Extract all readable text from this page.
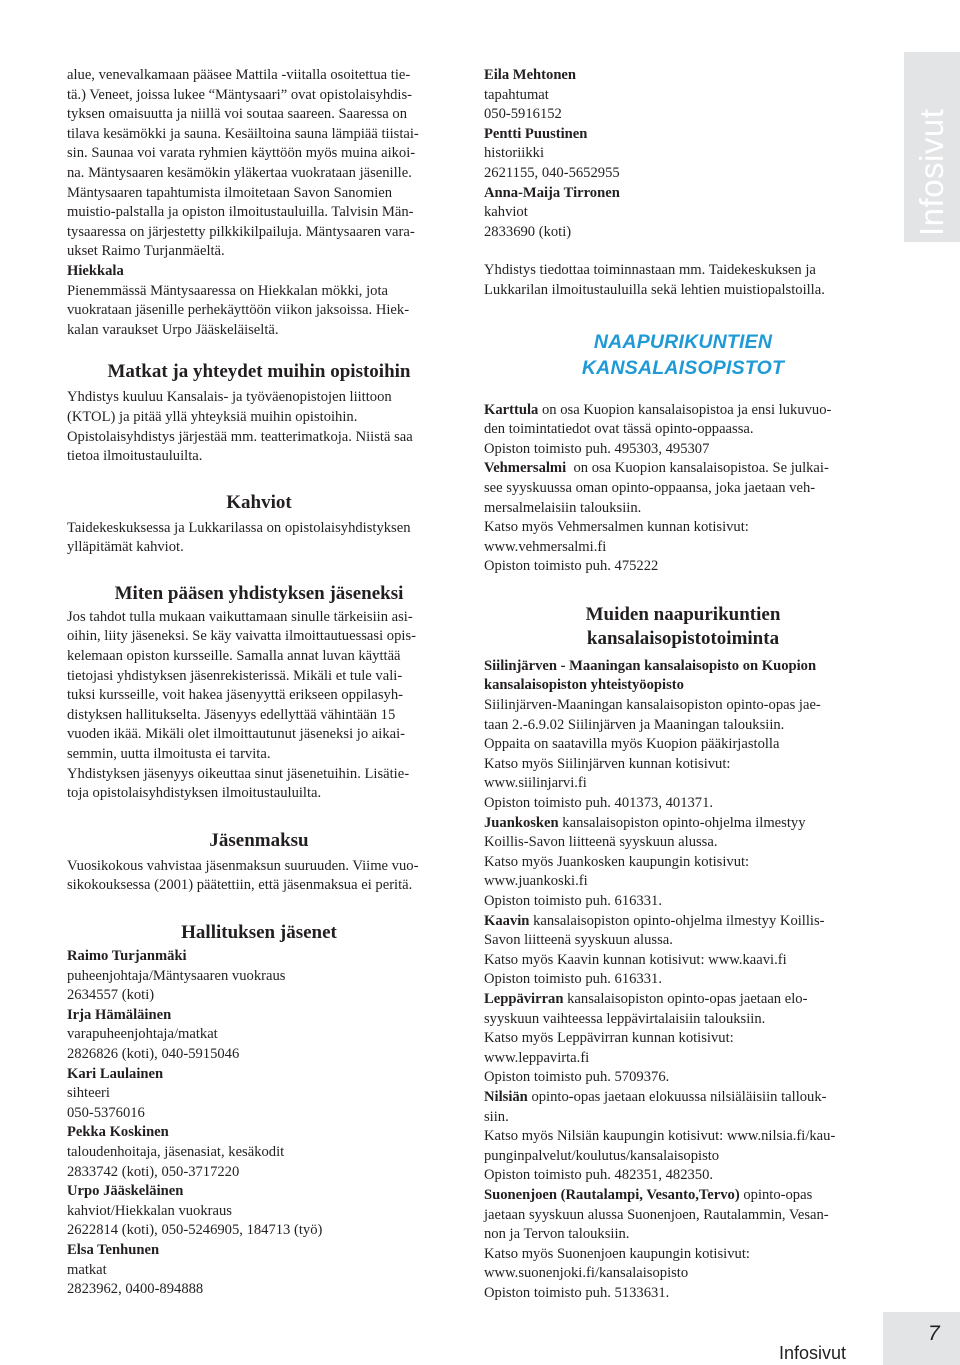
Infosivut

alue, venevalkamaan pääsee Mattila -viitalla osoitettua tie-

tä.) Veneet, joissa lukee “Mäntysaari” ovat opistolaisyhdis-

tyksen omaisuutta ja niillä voi soutaa saareen. Saaressa on

tilava kesämökki ja sauna. Kesäiltoina sauna lämpiää tiistai-

sin. Saunaa voi varata ryhmien käyttöön myös muina aikoi-

na. Mäntysaaren kesämökin yläkertaa vuokrataan jäsenille.

Mäntysaaren tapahtumista ilmoitetaan Savon Sanomien

muistio-palstalla ja opiston ilmoitustauluilla. Talvisin Män-

tysaaressa on järjestetty pilkkikilpailuja. Mäntysaaren vara-

ukset Raimo Turjanmäeltä.

Hiekkala

Pienemmässä Mäntysaaressa on Hiekkalan mökki, jota

vuokrataan jäsenille perhekäyttöön viikon jaksoissa. Hiek-

kalan varaukset Urpo Jääskeläiseltä.

Matkat ja yhteydet muihin opistoihin

Yhdistys kuuluu Kansalais- ja työväenopistojen liittoon

(KTOL) ja pitää yllä yhteyksiä muihin opistoihin.

Opistolaisyhdistys järjestää mm. teatterimatkoja. Niistä saa

tietoa ilmoitustauluilta.

Kahviot

Taidekeskuksessa ja Lukkarilassa on opistolaisyhdistyksen

ylläpitämät kahviot.

Miten pääsen yhdistyksen jäseneksi

Jos tahdot tulla mukaan vaikuttamaan sinulle tärkeisiin asi-

oihin, liity jäseneksi. Se käy vaivatta ilmoittautuessasi opis-

kelemaan opiston kursseille. Samalla annat luvan käyttää

tietojasi yhdistyksen jäsenrekisterissä. Mikäli et tule vali-

tuksi kursseille, voit hakea jäsenyyttä erikseen oppilasyh-

distyksen hallitukselta. Jäsenyys edellyttää vähintään 15

vuoden ikää. Mikäli olet ilmoittautunut jäseneksi jo aikai-

semmin, uutta ilmoitusta ei tarvita.

Yhdistyksen jäsenyys oikeuttaa sinut jäsenetuihin. Lisätie-

toja opistolaisyhdistyksen ilmoitustauluilta.

Jäsenmaksu

Vuosikokous vahvistaa jäsenmaksun suuruuden. Viime vuo-

sikokouksessa (2001) päätettiin, että jäsenmaksua ei peritä.

Hallituksen jäsenet

Raimo Turjanmäki

puheenjohtaja/Mäntysaaren vuokraus

2634557 (koti)

Irja Hämäläinen

varapuheenjohtaja/matkat

2826826 (koti), 040-5915046

Kari Laulainen

sihteeri

050-5376016

Pekka Koskinen

taloudenhoitaja, jäsenasiat, kesäkodit

2833742 (koti), 050-3717220

Urpo Jääskeläinen

kahviot/Hiekkalan vuokraus

2622814 (koti), 050-5246905, 184713 (työ)

Elsa Tenhunen

matkat

2823962, 0400-894888

Eila Mehtonen

tapahtumat

050-5916152

Pentti Puustinen

historiikki

2621155, 040-5652955

Anna-Maija Tirronen

kahviot

2833690 (koti)

Yhdistys tiedottaa toiminnastaan mm. Taidekeskuksen ja

Lukkarilan ilmoitustauluilla sekä lehtien muistiopalstoilla.

NAAPURIKUNTIEN
KANSALAISOPISTOT

Karttula on osa Kuopion kansalaisopistoa ja ensi lukuvuo-

den toimintatiedot ovat tässä opinto-oppaassa.

Opiston toimisto puh. 495303, 495307

Vehmersalmi  on osa Kuopion kansalaisopistoa. Se julkai-

see syyskuussa oman opinto-oppaansa, joka jaetaan veh-

mersalmelaisiin talouksiin.

Katso myös Vehmersalmen kunnan kotisivut:

www.vehmersalmi.fi

Opiston toimisto puh. 475222

Muiden naapurikuntien
kansalaisopistotoiminta

Siilinjärven - Maaningan kansalaisopisto on Kuopion

kansalaisopiston yhteistyöopisto

Siilinjärven-Maaningan kansalaisopiston opinto-opas jae-

taan 2.-6.9.02 Siilinjärven ja Maaningan talouksiin.

Oppaita on saatavilla myös Kuopion pääkirjastolla

Katso myös Siilinjärven kunnan kotisivut:

www.siilinjarvi.fi

Opiston toimisto puh. 401373, 401371.

Juankosken kansalaisopiston opinto-ohjelma ilmestyy

Koillis-Savon liitteenä syyskuun alussa.

Katso myös Juankosken kaupungin kotisivut:

www.juankoski.fi

Opiston toimisto puh. 616331.

Kaavin kansalaisopiston opinto-ohjelma ilmestyy Koillis-

Savon liitteenä syyskuun alussa.

Katso myös Kaavin kunnan kotisivut: www.kaavi.fi

Opiston toimisto puh. 616331.

Leppävirran kansalaisopiston opinto-opas jaetaan elo-

syyskuun vaihteessa leppävirtalaisiin talouksiin.

Katso myös Leppävirran kunnan kotisivut:

www.leppavirta.fi

Opiston toimisto puh. 5709376.

Nilsiän opinto-opas jaetaan elokuussa nilsiäläisiin tallouk-

siin.

Katso myös Nilsiän kaupungin kotisivut: www.nilsia.fi/kau-

punginpalvelut/koulutus/kansalaisopisto

Opiston toimisto puh. 482351, 482350.

Suonenjoen (Rautalampi, Vesanto,Tervo) opinto-opas

jaetaan syyskuun alussa Suonenjoen, Rautalammin, Vesan-

non ja Tervon talouksiin.

Katso myös Suonenjoen kaupungin kotisivut:

www.suonenjoki.fi/kansalaisopisto

Opiston toimisto puh. 5133631.

Infosivut
7
